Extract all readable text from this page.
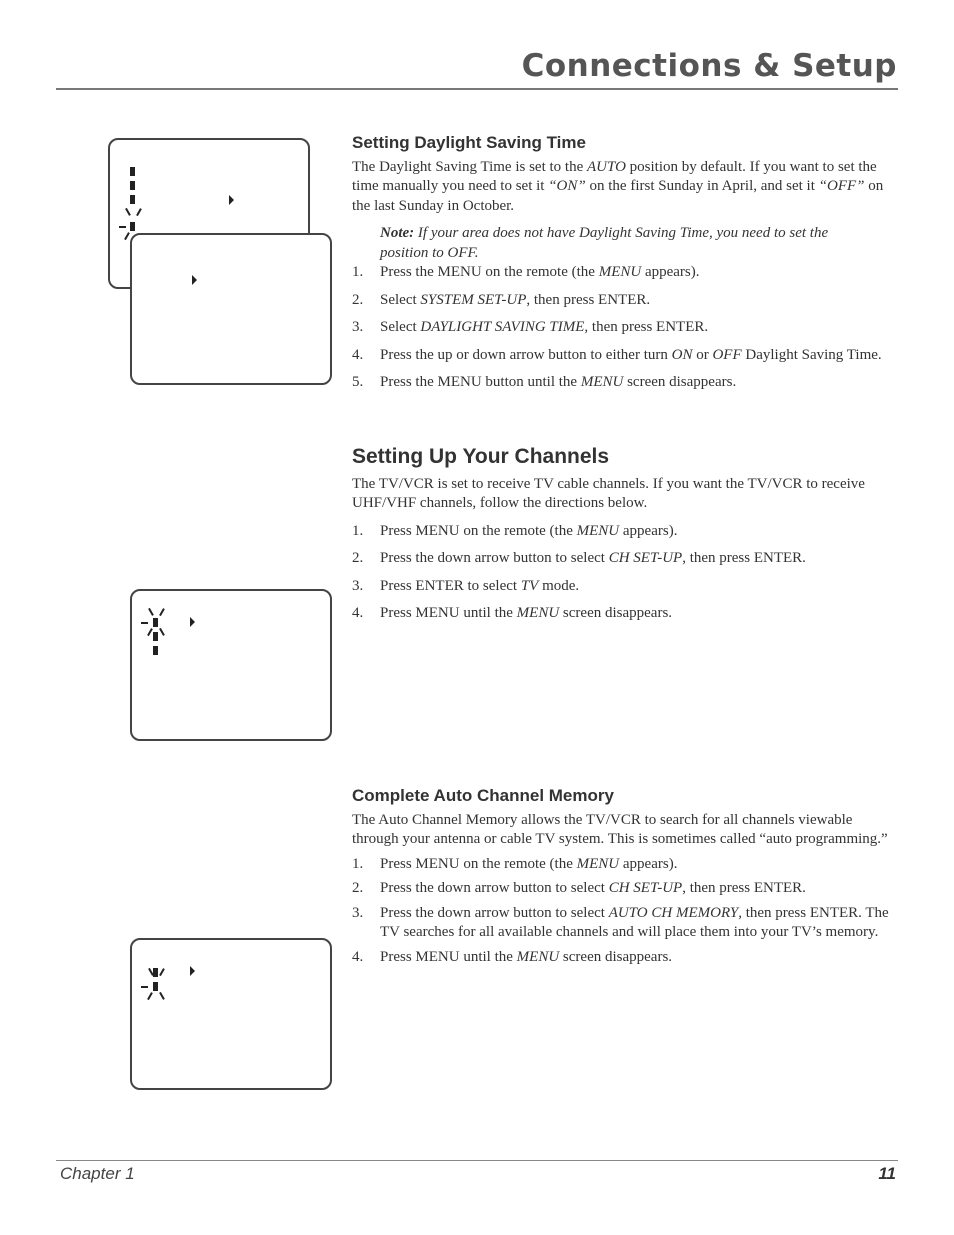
Connections & Setup
Setting Daylight Saving Time

The Daylight Saving Time is set to the AUTO position by default. If you want to set the time manually you need to set it “ON” on the first Sunday in April, and set it “OFF” on the last Sunday in October.

Note: If your area does not have Daylight Saving Time, you need to set the position to OFF.

1. Press the MENU on the remote (the MENU appears).
2. Select SYSTEM SET-UP, then press ENTER.
3. Select DAYLIGHT SAVING TIME, then press ENTER.
4. Press the up or down arrow button to either turn ON or OFF Daylight Saving Time.
5. Press the MENU button until the MENU screen disappears.
Setting Up Your Channels

The TV/VCR is set to receive TV cable channels. If you want the TV/VCR to receive UHF/VHF channels, follow the directions below.

1. Press MENU on the remote (the MENU appears).
2. Press the down arrow button to select CH SET-UP, then press ENTER.
3. Press ENTER to select TV mode.
4. Press MENU until the MENU screen disappears.
Complete Auto Channel Memory

The Auto Channel Memory allows the TV/VCR to search for all channels viewable through your antenna or cable TV system. This is sometimes called “auto programming.”

1. Press MENU on the remote (the MENU appears).
2. Press the down arrow button to select CH SET-UP, then press ENTER.
3. Press the down arrow button to select AUTO CH MEMORY, then press ENTER. The TV searches for all available channels and will place them into your TV’s memory.
4. Press MENU until the MENU screen disappears.
Chapter 1	11
